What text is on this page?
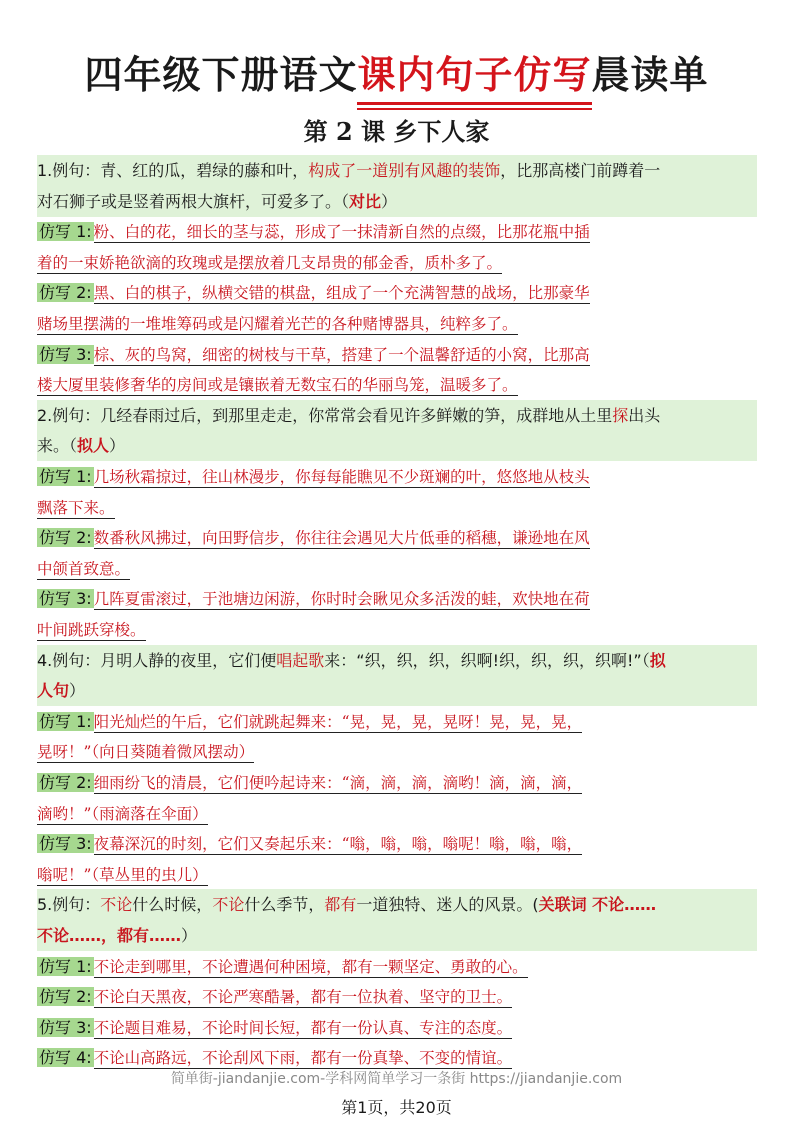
四年级下册语文课内句子仿写
晨读单
第 2 课 乡下人家
1.例句：青、红的瓜，碧绿的藤和叶，构成了一道别有风趣的装饰，比那高楼门前蹲着一
对石狮子或是竖着两根大旗杆，可爱多了。（对比）
仿写 1: 粉、白的花，细长的茎与蕊，形成了一抹清新自然的点缀，比那花瓶中插
着的一束娇艳欲滴的玫瑰或是摆放着几支昂贵的郁金香，质朴多了。
仿写 2: 黑、白的棋子，纵横交错的棋盘，组成了一个充满智慧的战场，比那豪华
赌场里摆满的一堆堆筹码或是闪耀着光芒的各种赌博器具，纯粹多了。
仿写 3: 棕、灰的鸟窝，细密的树枝与干草，搭建了一个温馨舒适的小窝，比那高
楼大厦里装修奢华的房间或是镶嵌着无数宝石的华丽鸟笼，温暖多了。
2.例句：几经春雨过后，到那里走走，你常常会看见许多鲜嫩的笋，成群地从土里探出头
来。（拟人）
仿写 1: 几场秋霜掠过，往山林漫步，你每每能瞧见不少斑斓的叶，悠悠地从枝头
飘落下来。
仿写 2: 数番秋风拂过，向田野信步，你往往会遇见大片低垂的稻穗，谦逊地在风
中颌首致意。
仿写 3: 几阵夏雷滚过，于池塘边闲游，你时时会瞅见众多活泼的蛙，欢快地在荷
叶间跳跃穿梭。
4.例句：月明人静的夜里，它们便唱起歌来：“织，织，织，织啊!织，织，织，织啊!”（拟
人句）
仿写 1: 阳光灿烂的午后，它们就跳起舞来：“晃，晃，晃，晃呀！晃，晃，晃，
晃呀！”（向日葵随着微风摆动）
仿写 2: 细雨纷飞的清晨，它们便吟起诗来：“滴，滴，滴，滴哟！滴，滴，滴，
滴哟！”（雨滴落在伞面）
仿写 3: 夜幕深沉的时刻，它们又奏起乐来：“嗡，嗡，嗡，嗡呢！嗡，嗡，嗡，
嗡呢！”（草丛里的虫儿）
5.例句：不论什么时候，不论什么季节，都有一道独特、迷人的风景。(关联词 不论……
不论……，都有……）
仿写 1: 不论走到哪里，不论遭遇何种困境，都有一颗坚定、勇敢的心。
仿写 2: 不论白天黑夜，不论严寒酷暑，都有一位执着、坚守的卫士。
仿写 3: 不论题目难易，不论时间长短，都有一份认真、专注的态度。
仿写 4: 不论山高路远，不论刮风下雨，都有一份真挚、不变的情谊。
简单街-jiandanjie.com-学科网简单学习一条街 https://jiandanjie.com
第1页，共20页
